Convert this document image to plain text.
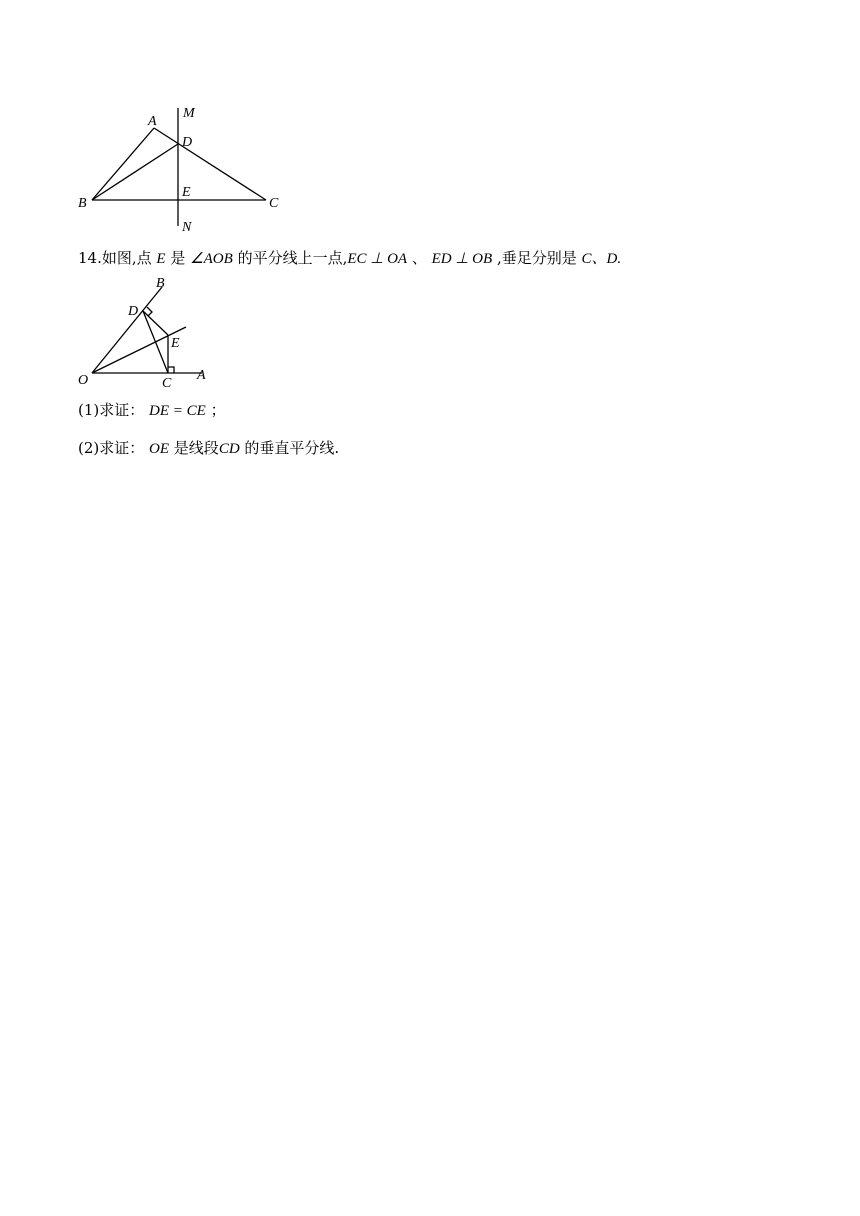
A
B	C
D
E
M
N
14.如图,点 E 是 ∠AOB 的平分线上一点,EC ⊥ OA 、 ED ⊥ OB ,垂足分别是 C、D.
B
D
E
O	C
A
(1)求证： DE = CE ；
(2)求证： OE 是线段CD 的垂直平分线.
